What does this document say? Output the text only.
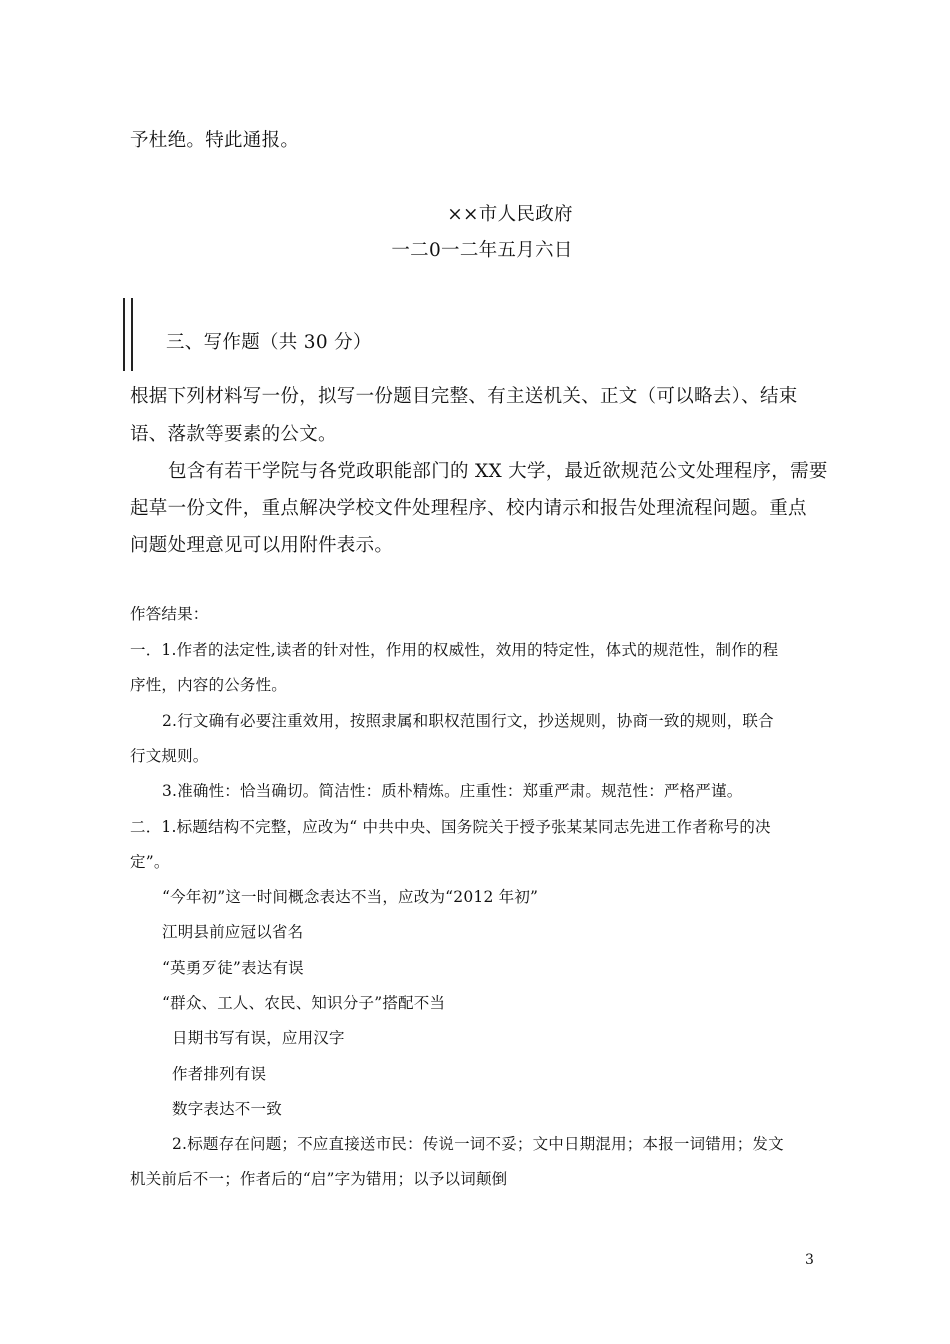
予杜绝。特此通报。
××市人民政府
一二0一二年五月六日
三、写作题（共 30 分）
根据下列材料写一份，拟写一份题目完整、有主送机关、正文（可以略去）、结束
语、落款等要素的公文。
包含有若干学院与各党政职能部门的 XX 大学，最近欲规范公文处理程序，需要
起草一份文件，重点解决学校文件处理程序、校内请示和报告处理流程问题。重点
问题处理意见可以用附件表示。
作答结果：
一．1.作者的法定性,读者的针对性，作用的权威性，效用的特定性，体式的规范性，制作的程
序性，内容的公务性。
2.行文确有必要注重效用，按照隶属和职权范围行文，抄送规则，协商一致的规则，联合
行文规则。
3.准确性：恰当确切。简洁性：质朴精炼。庄重性：郑重严肃。规范性：严格严谨。
二．1.标题结构不完整，应改为“ 中共中央、国务院关于授予张某某同志先进工作者称号的决
定”。
“今年初”这一时间概念表达不当，应改为“2012 年初”
江明县前应冠以省名
“英勇歹徒”表达有误
“群众、工人、农民、知识分子”搭配不当
日期书写有误，应用汉字
作者排列有误
数字表达不一致
2.标题存在问题；不应直接送市民：传说一词不妥；文中日期混用；本报一词错用；发文
机关前后不一；作者后的“启”字为错用；以予以词颠倒
3
